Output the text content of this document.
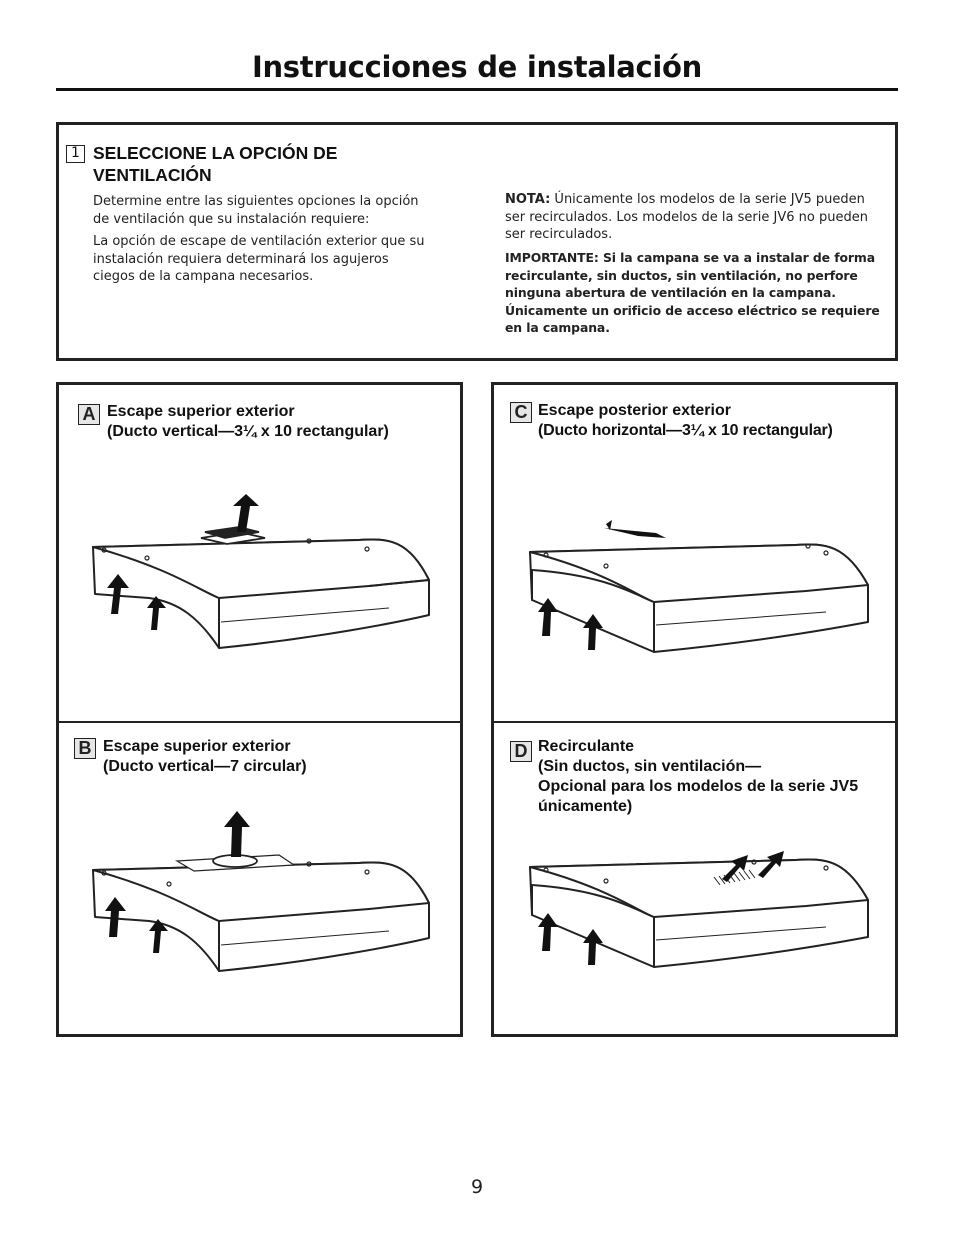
Instrucciones de instalación
1 SELECCIONE LA OPCIÓN DE VENTILACIÓN
Determine entre las siguientes opciones la opción de ventilación que su instalación requiere:
La opción de escape de ventilación exterior que su instalación requiera determinará los agujeros ciegos de la campana necesarios.
NOTA: Únicamente los modelos de la serie JV5 pueden ser recirculados. Los modelos de la serie JV6 no pueden ser recirculados.
IMPORTANTE: Si la campana se va a instalar de forma recirculante, sin ductos, sin ventilación, no perfore ninguna abertura de ventilación en la campana. Únicamente un orificio de acceso eléctrico se requiere en la campana.
A Escape superior exterior
(Ducto vertical—3¼ x 10 rectangular)
B Escape superior exterior
(Ducto vertical—7 circular)
C Escape posterior exterior
(Ducto horizontal—3¼ x 10 rectangular)
D Recirculante
(Sin ductos, sin ventilación—
Opcional para los modelos de la serie JV5
únicamente)
9
